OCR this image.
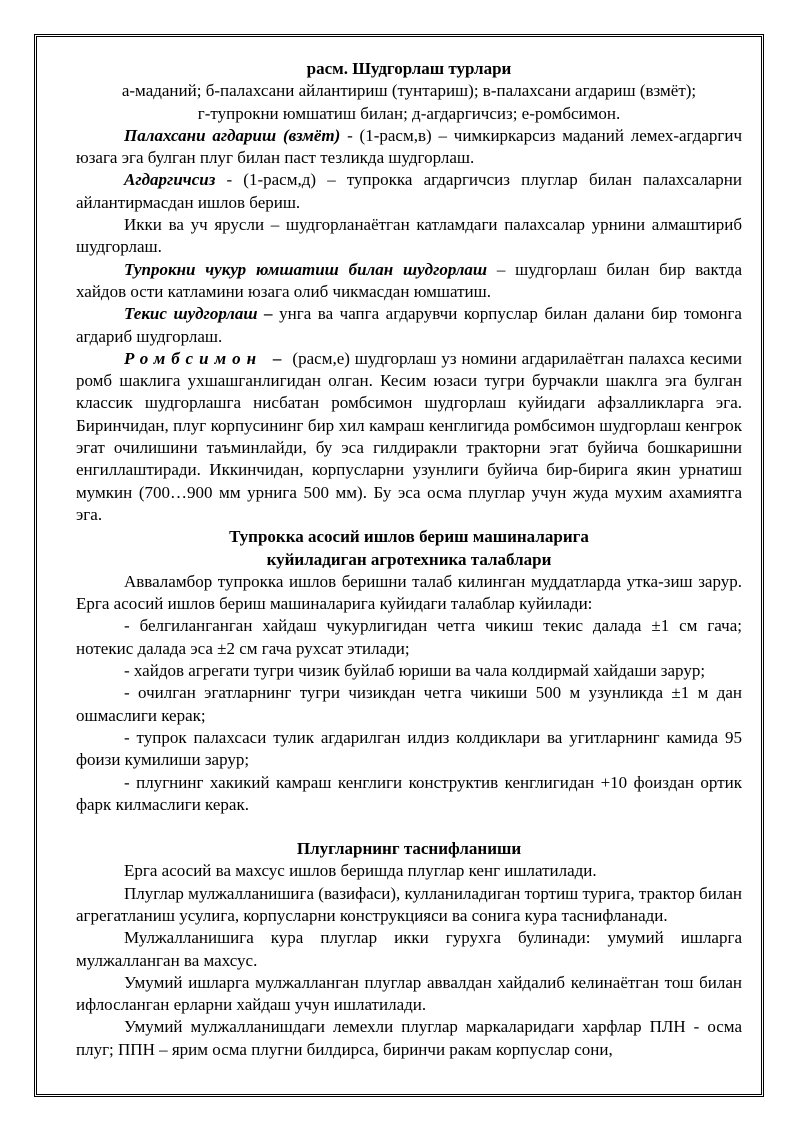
расм. Шудгорлаш турлари

а-маданий; б-палахсани айлантириш (тунтариш); в-палахсани агдариш (взмёт);

г-тупрокни юмшатиш билан; д-агдаргичсиз; е-ромбсимон.

Палахсани агдариш (взмёт) - (1-расм,в) – чимкиркарсиз маданий лемех-агдаргич юзага эга булган плуг билан паст тезликда шудгорлаш.

Агдаргичсиз - (1-расм,д) – тупрокка агдаргичсиз плуглар билан палахсаларни айлантирмасдан ишлов бериш.

Икки ва уч ярусли – шудгорланаётган катламдаги палахсалар урнини алмаштириб шудгорлаш.

Тупрокни чукур юмшатиш билан шудгорлаш – шудгорлаш билан бир вактда хайдов ости катламини юзага олиб чикмасдан юмшатиш.

Текис шудгорлаш – унга ва чапга агдарувчи корпуслар билан далани бир томонга агдариб шудгорлаш.

Ромбсимон – (расм,е) шудгорлаш уз номини агдарилаётган палахса кесими ромб шаклига ухшашганлигидан олган. Кесим юзаси тугри бурчакли шаклга эга булган классик шудгорлашга нисбатан ромбсимон шудгорлаш куйидаги афзалликларга эга. Биринчидан, плуг корпусининг бир хил камраш кенглигида ромбсимон шудгорлаш кенгрок эгат очилишини таъминлайди, бу эса гилдиракли тракторни эгат буйича бошкаришни енгиллаштиради. Иккинчидан, корпусларни узунлиги буйича бир-бирига якин урнатиш мумкин (700…900 мм урнига 500 мм). Бу эса осма плуглар учун жуда мухим ахамиятга эга.

Тупрокка асосий ишлов бериш машиналарига

куйиладиган агротехника талаблари

Авваламбор тупрокка ишлов беришни талаб килинган муддатларда утка-зиш зарур. Ерга асосий ишлов бериш машиналарига куйидаги талаблар куйилади:

- белгиланганган хайдаш чукурлигидан четга чикиш текис далада ±1 см гача; нотекис далада эса ±2 см гача рухсат этилади;

- хайдов агрегати тугри чизик буйлаб юриши ва чала колдирмай хайдаши зарур;

- очилган эгатларнинг тугри чизикдан четга чикиши 500 м узунликда ±1 м дан ошмаслиги керак;

- тупрок палахсаси тулик агдарилган илдиз колдиклари ва угитларнинг камида 95 фоизи кумилиши зарур;

- плугнинг хакикий камраш кенглиги конструктив кенглигидан +10 фоиздан ортик фарк килмаслиги керак.

Плугларнинг таснифланиши

Ерга асосий ва махсус ишлов беришда плуглар кенг ишлатилади.

Плуглар мулжалланишига (вазифаси), кулланиладиган тортиш турига, трактор билан агрегатланиш усулига, корпусларни конструкцияси ва сонига кура таснифланади.

Мулжалланишига кура плуглар икки гурухга булинади: умумий ишларга мулжалланган ва махсус.

Умумий ишларга мулжалланган плуглар аввалдан хайдалиб келинаётган тош билан ифлосланган ерларни хайдаш учун ишлатилади.

Умумий мулжалланишдаги лемехли плуглар маркаларидаги харфлар ПЛН - осма плуг; ППН – ярим осма плугни билдирса, биринчи ракам корпуслар сони,
